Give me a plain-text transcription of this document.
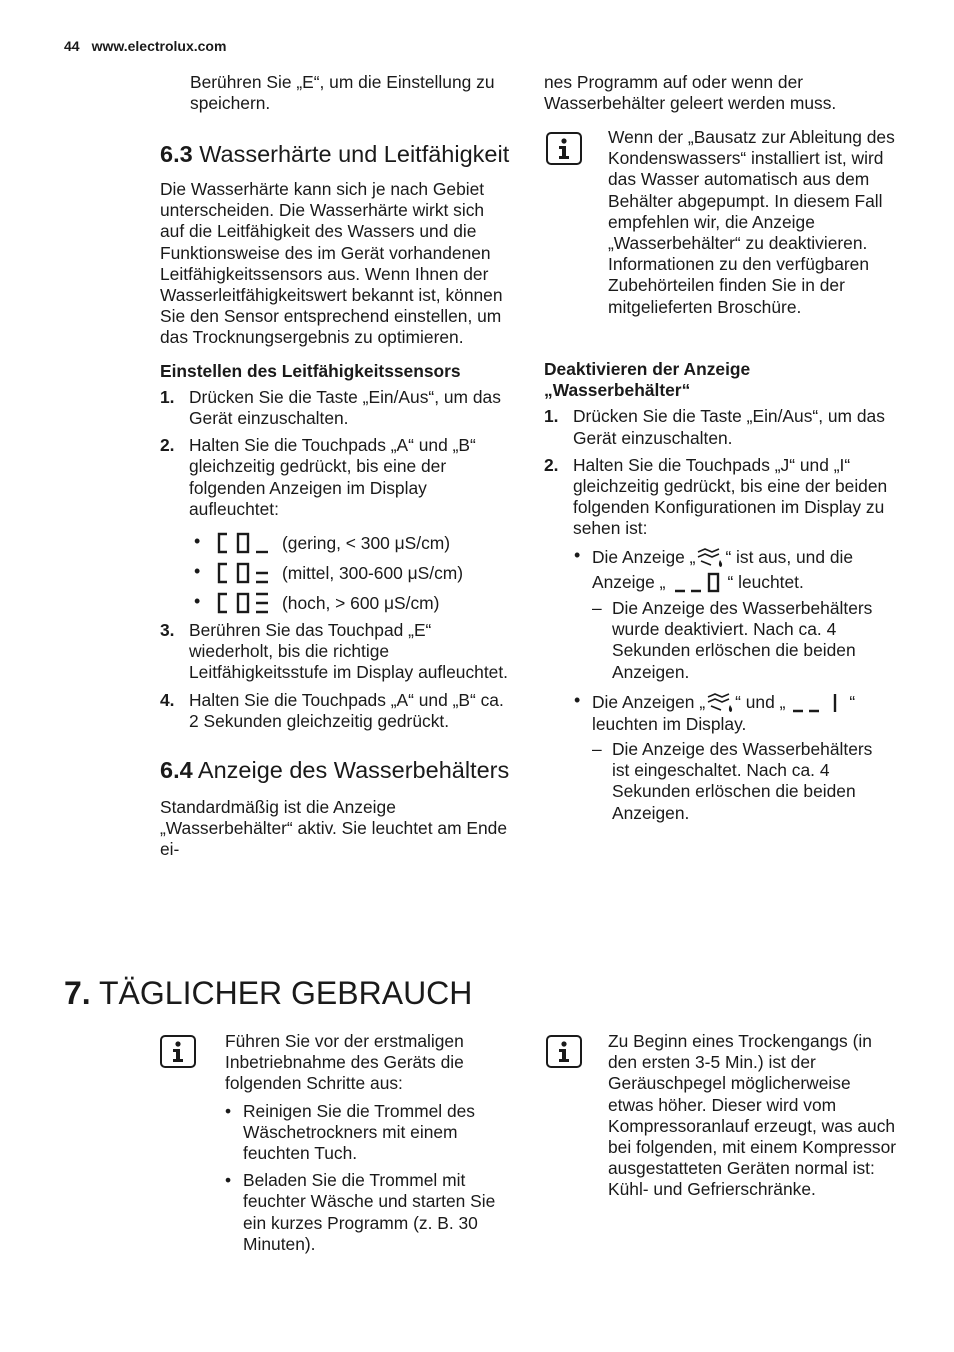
44 www.electrolux.com

Berühren Sie „E“, um die Einstellung zu speichern.

6.3 Wasserhärte und Leitfähigkeit

Die Wasserhärte kann sich je nach Gebiet unterscheiden. Die Wasserhärte wirkt sich auf die Leitfähigkeit des Wassers und die Funktionsweise des im Gerät vorhandenen Leitfähigkeitssensors aus. Wenn Ihnen der Wasserleitfähigkeitswert bekannt ist, können Sie den Sensor entsprechend einstellen, um das Trocknungsergebnis zu optimieren.

Einstellen des Leitfähigkeitssensors

1. Drücken Sie die Taste „Ein/Aus“, um das Gerät einzuschalten.
2. Halten Sie die Touchpads „A“ und „B“ gleichzeitig gedrückt, bis eine der folgenden Anzeigen im Display aufleuchtet:
•	(gering, < 300 μS/cm)
•	(mittel, 300-600 μS/cm)
•	(hoch, > 600 μS/cm)
3. Berühren Sie das Touchpad „E“ wiederholt, bis die richtige Leitfähigkeitsstufe im Display aufleuchtet.
4. Halten Sie die Touchpads „A“ und „B“ ca. 2 Sekunden gleichzeitig gedrückt.
6.4 Anzeige des Wasserbehälters

Standardmäßig ist die Anzeige „Wasserbehälter“ aktiv. Sie leuchtet am Ende ei-

nes Programm auf oder wenn der Wasserbehälter geleert werden muss.

Wenn der „Bausatz zur Ableitung des Kondenswassers“ installiert ist, wird das Wasser automatisch aus dem Behälter abgepumpt. In diesem Fall empfehlen wir, die Anzeige „Wasserbehälter“ zu deaktivieren.

Informationen zu den verfügbaren Zubehörteilen finden Sie in der mitgelieferten Broschüre.

Deaktivieren der Anzeige „Wasserbehälter“

1. Drücken Sie die Taste „Ein/Aus“, um das Gerät einzuschalten.
2. Halten Sie die Touchpads „J“ und „I“ gleichzeitig gedrückt, bis eine der beiden folgenden Konfigurationen im Display zu sehen ist:
• Die Anzeige „ “ ist aus, und die
Anzeige „	“ leuchtet.
– Die Anzeige des Wasserbehälters wurde deaktiviert. Nach ca. 4 Sekunden erlöschen die beiden Anzeigen.
• Die Anzeigen „ “ und „	“
leuchten im Display.
– Die Anzeige des Wasserbehälters ist eingeschaltet. Nach ca. 4 Sekunden erlöschen die beiden Anzeigen.
7. TÄGLICHER GEBRAUCH

Führen Sie vor der erstmaligen Inbetriebnahme des Geräts die folgenden Schritte aus:

• Reinigen Sie die Trommel des Wäschetrockners mit einem feuchten Tuch.
• Beladen Sie die Trommel mit feuchter Wäsche und starten Sie ein kurzes Programm (z. B. 30 Minuten).

Zu Beginn eines Trockengangs (in den ersten 3-5 Min.) ist der Geräuschpegel möglicherweise etwas höher. Dieser wird vom Kompressoranlauf erzeugt, was auch bei folgenden, mit einem Kompressor ausgestatteten Geräten normal ist: Kühl- und Gefrierschränke.
